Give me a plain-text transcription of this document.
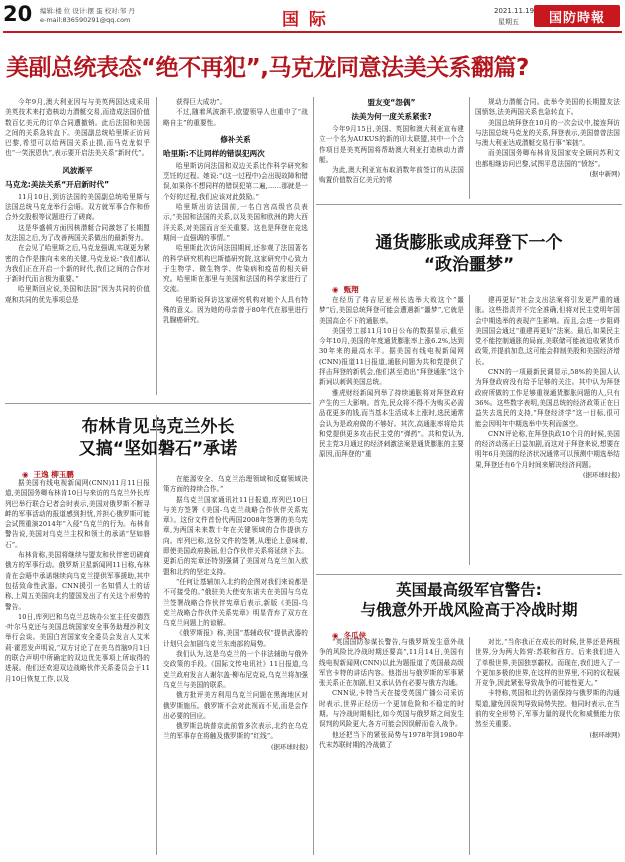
20 编辑:楼 位 设计:摆 蛋 校对:邹 丹
e-mail:836590291@qq.com	国 际	2021.11.19
星期五 国防時報
美副总统表态“绝不再犯”,马克龙同意法美关系翻篇?

今年9月,澳大利亚因与与美英两国达成采用美英技术来打造核动力潜艇交易,而造成法国价值数百亿美元的订单合同遭撤销。此后法国和美国之间的关系急转直下。美国副总统哈里斯正访问巴黎,希望可以给两国关系止损,而马克龙似乎也“一笑泯恩仇”,表示要开启法美关系“新时代”。

风波渐平
马克龙:美法关系“开启新时代”

11月10日,到访法国的美国副总统哈里斯与法国总统马克龙举行会晤。双方就军事合作和侨合外交股根等议题进行了磋商。

这是华盛顿方面因核潜艇合同激怒了长期盟友法国之后,为了改善两国关系做出的最新努力。

在会见了哈里斯之后,马克龙强调,实现更为紧密的合作是推向未来的关键,马克龙说:“我们都认为我们正在开启一个新的时代,我们之间的合作对于新时代而言极为重要。”

哈里斯回应说,美国和法国“因为共同的价值观和共同的优先事项总是

获得巨大成功”。

不过,随着风波渐平,欧盟领导人也重申了“战略自主”的重要性。

修补关系
哈里斯:不让同样的错误犯两次

哈里斯访问法国和双边关系比作科学研究和烹饪的过程。她说:“(这一过程中)会出现故障和错误,如果你不想同样的错误犯第二遍,……那就是一个好的过程,我们应该对此鼓励。”

哈里斯出访法国前,一名白宫高级官员表示,“美国和法国的关系,以及美国和欧洲的跨大西洋关系,对美国而言至关重要。这也是拜登在竞选期间一直强调的事情。”

哈里斯此次访问法国期间,还参观了法国著名的科学研究机构巴斯德研究院,这家研究中心致力于生物学、微生物学、传染病和疫苗的相关研究。哈里斯在那里与美国和法国的科学家进行了交流。

哈里斯说拜访这家研究机构对她个人具有特殊的意义。因为她的母亲曾于80年代在那里进行乳腺癌研究。

盟友变“怨偶”
法美为何一度关系紧张?

今年9月15日,美国、英国和澳大利亚宣布建立一个名为AUKUS的新的印太联盟,其中一个合作项目是美英两国将帮助澳大利亚打造核动力潜艇。

为此,澳大利亚宣布取消数年前签订的从法国购置价值数百亿美元的常

规动力潜艇合同。此举令美国的长期盟友法国愤怒,法美两国关系也急转直下。

美国总统拜登在10月的一次会议中,接连拜访与法国总统马克龙的关系,拜登表示,美国曾曾法国与澳大利亚达成潜艇交易行事“笨拙”。

而美国国务卿布林肯及国家安全顾问苏利文也都相继访问巴黎,试图平息法国的“愤怒”。

(据中新网)
通货膨胀或成拜登下一个
“政治噩梦”
◉ 甄翔

在经历了弗吉尼亚州长选举大败这个“噩梦”后,美国总统拜登可能会遭遇新“噩梦”,它就是美国高企不下的通胀率。

美国劳工部11月10日公布的数据显示,截至今年10月,美国的年度通货膨胀率上涨6.2%,达到30年来的最高水平。据美国有线电视新闻网(CNN)报道11日报道,通胀问题为共和党提供了抨击拜登的新机会,他们甚至造出“拜登通胀”这个新词以刺讽美国总统。

雅虎财经新闻列举了持续通胀将对拜登政府产生的三大影响。首先,民众将不得不为购买必需品花更多的钱,而当基本生活成本上涨时,选民通常会认为是政府做的不够好。其次,高通胀率将给共和党提供更多攻击民主党的“弹药”。共和党认为,民主党3月通过的经济刺激法案是通货膨胀的主要原因,而拜登的“重

建再更好”社会支出法案将引发更严重的通胀。这些指责并不完全准确,但将对民主党明年国会中期选举的表现产生影响。而且,会进一步阻碍美国国会通过“重建再更好”法案。最后,如果民主党不能控制通胀的局面,美联储可能被迫收紧货币政策,并提前加息,这可能会抑制美股和美国经济增长。

CNN的一项最新民调显示,58%的美国人认为拜登政府没有给予足够的关注。其中认为拜登政府所做的工作足够重视通货膨胀问题的人,只有36%。这些数字表明,美国总统的经济政策正在日益失去选民的支持,“拜登经济学”这一目标,很可能会因明年中期选举中失利而落空。

CNN评论称,在拜登执政10个月的时候,美国的经济动荡正日益加剧,而这对于拜登来说,想要在明年6月美国的经济状况通常可以预测中期选举结果,拜登还有6个月时间来解决经济问题。

(据环球时报)
布林肯见乌克兰外长
又搞“坚如磐石”承诺
◉ 王逸 柳玉鹏

据美国有线电视新闻网(CNN)11月11日报道,美国国务卿布林肯10日与来访的乌克兰外长库列巴举行联合记者会时表示,美国对俄罗斯不断寻衅的军事活动的报道感到担忧,并担心俄罗斯可能会试图重演2014年“入侵”乌克兰的行为。布林肯警告说,美国对乌克兰主权和领土的承诺“坚如磐石”。

布林肯称,美国将继续与盟友和伙伴密切磋商俄方的军事行动。俄罗斯卫星新闻网11日称,布林肯在会晤中承诺继续向乌克兰提供军事援助,其中包括致命性武器。CNN援引一名知情人士的话称,上周五美国向北约盟国发出了有关这个形势的警告。

10日,库列巴和乌克兰总统办公室主任安德烈·叶尔马克还与美国总统国家安全事务助理沙利文举行会谈。美国白宫国家安全委员会发言人艾米莉·霍恩发声明说,“双方讨论了在美乌首脑9月1日的联合声明中所确定的双边优先事项上所取得的进展。他们还欢迎双边战略伙伴关系委员会于11月10日恢复工作,以及

在能源安全、乌克兰治理领域和反腐领域决策方面的持续合作。”

据乌克兰国家通讯社11日报道,库列巴10日与美方签署《美国-乌克兰战略合作伙伴关系宪章》。这份文件首份代两国2008年签署的美乌宪章,为两国未来数十年在关键领域的合作提供方向。库列巴称,这份文件的签署,从理论上意味着,即使美国政府换届,但合作伙伴关系将延续下去。更新后的宪章还特别强调了美国对乌克兰加入欧盟和北约的坚定支持。

“任何让基辅加入北约的企图对我们来说都是不可接受的。”俄驻美大使安东诺夫在美国与乌克兰签署战略合作伙伴宪章后表示,新版《美国-乌克兰战略合作伙伴关系宪章》明显背弃了双方在乌克兰问题上的谅解。

《俄罗斯报》称,美国“基辅政权”提供武器的计划只会加剧乌克兰东南部的局势。

我们认为,这是乌克兰的一个非法辅助与俄外交政策的手段。《国际文传电讯社》11日报道,乌克兰政府发言人谢尔盖·柳布尼克说,乌克兰将加强乌克兰与美国的联系。

俄方批评美方利用乌克兰问题在黑海地区对俄罗斯施压。俄罗斯不会对此视而不见,而是会作出必要的回应。

俄罗斯总统普京此前曾多次表示,北约在乌克兰的军事存在将触及俄罗斯的“红线”。

(据环球时报)
英国最高级军官警告:
与俄意外开战风险高于冷战时期
◉ 冬瓜侠

“英国国防参谋长警告,与俄罗斯发生意外战争的风险比冷战时期还要高”,11月14日,美国有线电视新闻网(CNN)以此为题报道了英国最高级军官卡特的讲话内容。他指出与俄罗斯的军事紧张关系正在加剧,但又承认仍有必要与俄方沟通。

CNN说,卡特当天在接受英国广播公司采访时表示,世界正经历一个更加危险和不稳定的时期。与冷战时期相比,如今英国与俄罗斯之间发生误判的风险更大,各方可能会因误解而卷入战争。

他还把当下的紧张局势与1978年到1980年代末苏联时期的冷战做了

对比,“当你我正在成长的时候,世界还是两极世界,分为两大阵营:苏联和西方。后来我们进入了单极世界,美国独享霸权。而现在,我们进入了一个更加多极的世界,在这样的世界里,不同的议程展开竞争,因此紧张导致战争的可能性更大。”

卡特称,英国和北约仍需保持与俄罗斯的沟通渠道,避免因误判导致局势失控。他同时表示,在当前的安全形势下,军事力量的现代化和威慑能力依然至关重要。

(据环球网)
